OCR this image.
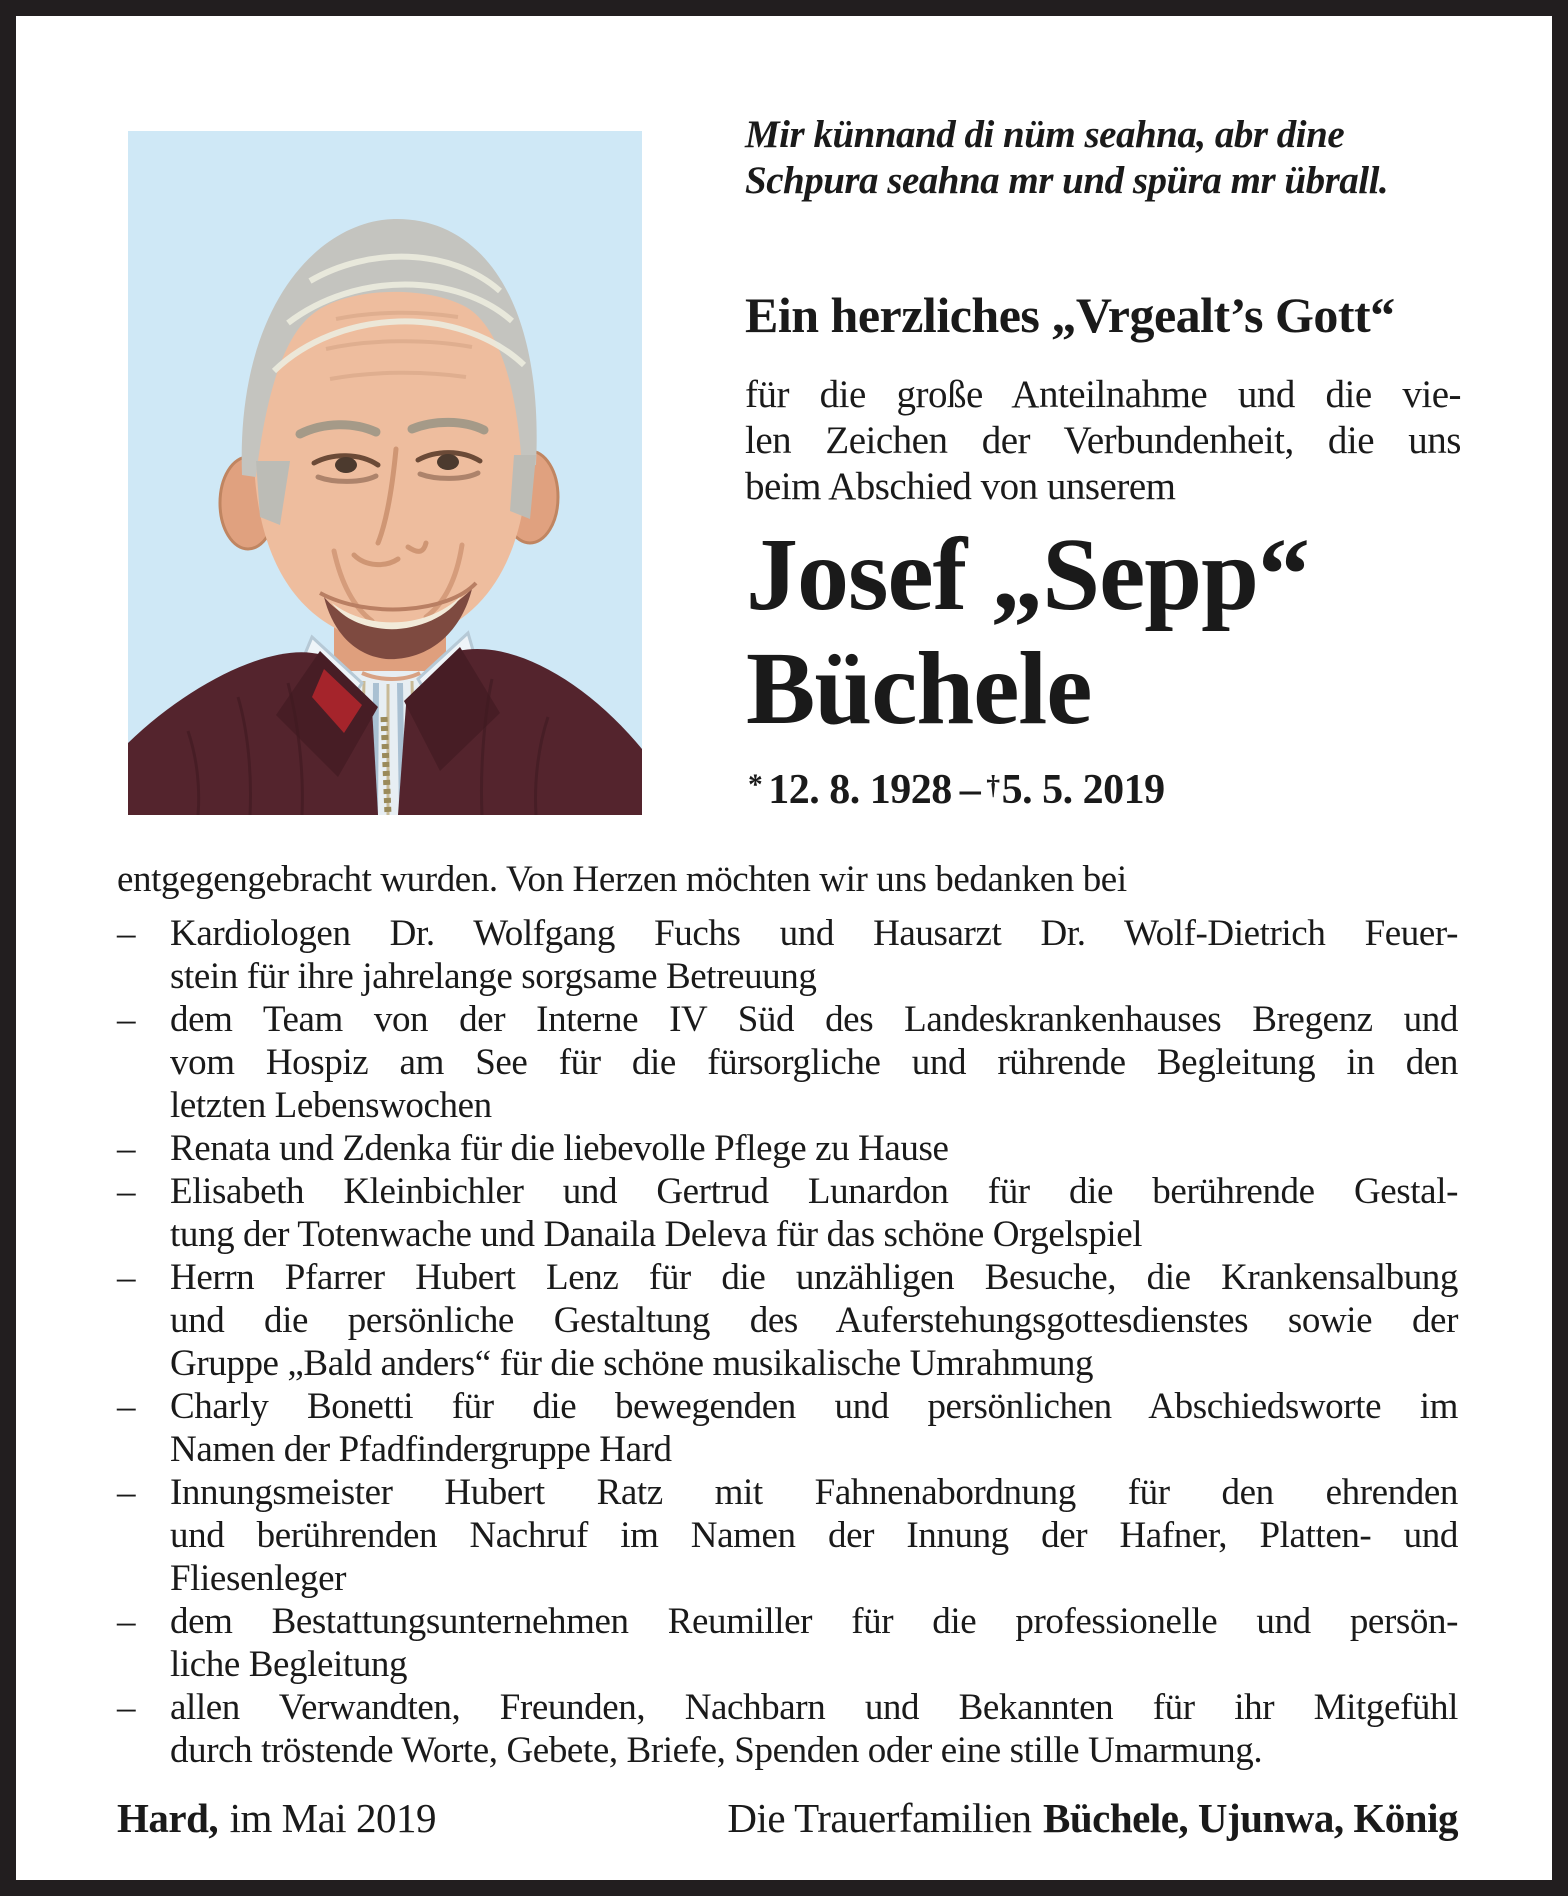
Mir künnand di nüm seahna, abr dine
Schpura seahna mr und spüra mr übrall.
Ein herzliches „Vrgealt’s Gott“
für die große Anteilnahme und die vie-
len Zeichen der Verbundenheit, die uns
beim Abschied von unserem
Josef „Sepp“
Büchele
* 12. 8. 1928 – †5. 5. 2019
entgegengebracht wurden. Von Herzen möchten wir uns bedanken bei
– Kardiologen Dr. Wolfgang Fuchs und Hausarzt Dr. Wolf-Dietrich Feuer-
stein für ihre jahrelange sorgsame Betreuung
– dem Team von der Interne IV Süd des Landeskrankenhauses Bregenz und
vom Hospiz am See für die fürsorgliche und rührende Begleitung in den
letzten Lebenswochen
– Renata und Zdenka für die liebevolle Pflege zu Hause
– Elisabeth Kleinbichler und Gertrud Lunardon für die berührende Gestal-
tung der Totenwache und Danaila Deleva für das schöne Orgelspiel
– Herrn Pfarrer Hubert Lenz für die unzähligen Besuche, die Krankensalbung
und die persönliche Gestaltung des Auferstehungsgottesdienstes sowie der
Gruppe „Bald anders“ für die schöne musikalische Umrahmung
– Charly Bonetti für die bewegenden und persönlichen Abschiedsworte im
Namen der Pfadfindergruppe Hard
– Innungsmeister Hubert Ratz mit Fahnenabordnung für den ehrenden
und berührenden Nachruf im Namen der Innung der Hafner, Platten- und
Fliesenleger
– dem Bestattungsunternehmen Reumiller für die professionelle und persön-
liche Begleitung
– allen Verwandten, Freunden, Nachbarn und Bekannten für ihr Mitgefühl
durch tröstende Worte, Gebete, Briefe, Spenden oder eine stille Umarmung.
Hard, im Mai 2019	Die Trauerfamilien Büchele, Ujunwa, König
